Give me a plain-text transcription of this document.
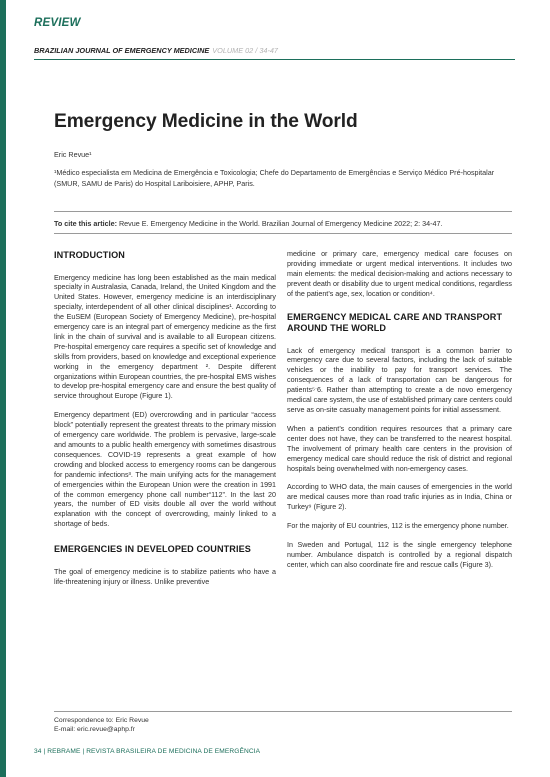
REVIEW
BRAZILIAN JOURNAL OF EMERGENCY MEDICINE VOLUME 02 / 34-47
Emergency Medicine in the World
Eric Revue¹
¹Médico especialista em Medicina de Emergência e Toxicologia; Chefe do Departamento de Emergências e Serviço Médico Pré-hospitalar (SMUR, SAMU de Paris) do Hospital Lariboisiere, APHP, Paris.
To cite this article: Revue E. Emergency Medicine in the World. Brazilian Journal of Emergency Medicine 2022; 2: 34-47.
INTRODUCTION

Emergency medicine has long been established as the main medical specialty in Australasia, Canada, Ireland, the United Kingdom and the United States. However, emergency medicine is an interdisciplinary specialty, interdependent of all other clinical disciplines¹. According to the EuSEM (European Society of Emergency Medicine), pre-hospital emergency care is an integral part of emergency medicine as the first link in the chain of survival and is available to all European citizens. Pre-hospital emergency care requires a specific set of knowledge and skills from providers, based on knowledge and exceptional experience working in the emergency department ². Despite different organizations within European countries, the pre-hospital EMS wishes to develop pre-hospital emergency care and ensure the best quality of service throughout Europe (Figure 1).

Emergency department (ED) overcrowding and in particular “access block” potentially represent the greatest threats to the primary mission of emergency care worldwide. The problem is pervasive, large-scale and amounts to a public health emergency with sometimes disastrous consequences. COVID-19 represents a great example of how crowding and blocked access to emergency rooms can be dangerous for pandemic infections³. The main unifying acts for the management of emergencies within the European Union were the creation in 1991 of the common emergency phone call number“112”. In the last 20 years, the number of ED visits double all over the world without explanation with the concept of overcrowding, mainly linked to a shortage of beds.

EMERGENCIES IN DEVELOPED COUNTRIES

The goal of emergency medicine is to stabilize patients who have a life-threatening injury or illness. Unlike preventive

medicine or primary care, emergency medical care focuses on providing immediate or urgent medical interventions. It includes two main elements: the medical decision-making and actions necessary to prevent death or disability due to urgent medical conditions, regardless of the patient’s age, sex, location or condition⁴.

EMERGENCY MEDICAL CARE AND TRANSPORT AROUND THE WORLD

Lack of emergency medical transport is a common barrier to emergency care due to several factors, including the lack of suitable vehicles or the inability to pay for transport services. The consequences of a lack of transportation can be dangerous for patients⁵ˑ6. Rather than attempting to create a de novo emergency medical care system, the use of established primary care centers could serve as on-site casualty management points for initial assessment.

When a patient’s condition requires resources that a primary care center does not have, they can be transferred to the nearest hospital. The involvement of primary health care centers in the provision of emergency medical care should reduce the risk of district and regional hospitals being overwhelmed with non-emergency cases.

According to WHO data, the main causes of emergencies in the world are medical causes more than road trafic injuries as in India, China or Turkey⁹ (Figure 2).

For the majority of EU countries, 112 is the emergency phone number.

In Sweden and Portugal, 112 is the single emergency telephone number. Ambulance dispatch is controlled by a regional dispatch center, which can also coordinate fire and rescue calls (Figure 3).

Correspondence to: Eric Revue
E-mail: eric.revue@aphp.fr
34 | REBRAME | REVISTA BRASILEIRA DE MEDICINA DE EMERGÊNCIA
